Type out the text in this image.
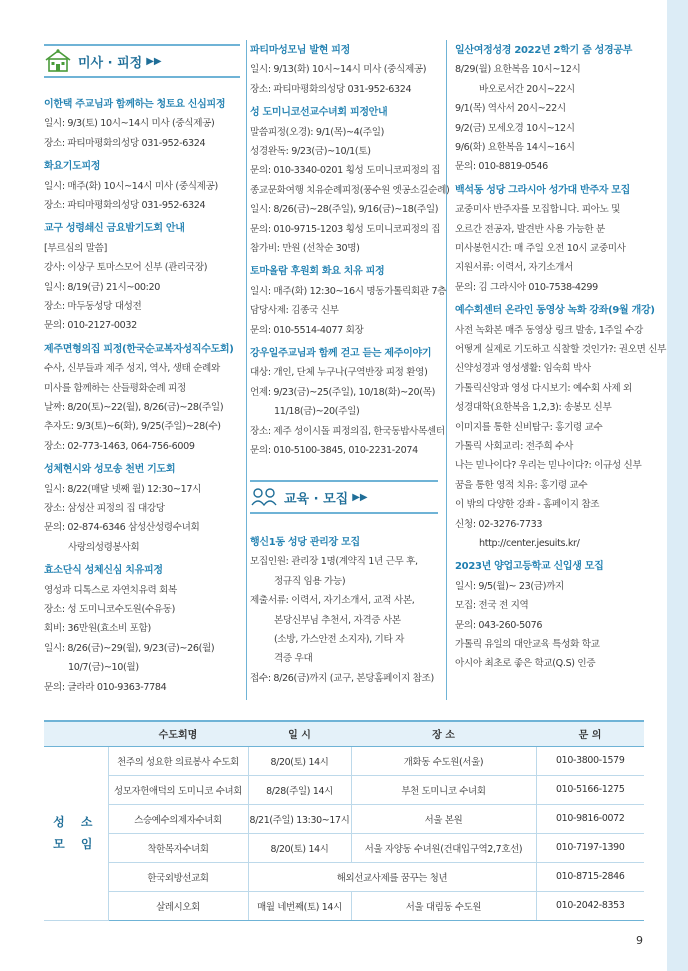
미사 · 피정 ▶▶
교육 · 모집 ▶▶
이한택 주교님과 함께하는 청토요 신심피정
일시: 9/3(토) 10시~14시 미사 (중식제공)
장소: 파티마평화의성당 031-952-6324
화요기도피정
일시: 매주(화) 10시~14시 미사 (중식제공)
장소: 파티마평화의성당 031-952-6324
교구 성령쇄신 금요밤기도회 안내
[부르심의 말씀]
강사: 이상구 토마스모어 신부 (관리국장)
일시: 8/19(금) 21시~00:20
장소: 마두동성당 대성전
문의: 010-2127-0032
제주면형의집 피정(한국순교복자성직수도회)
수사, 신부들과 제주 성지, 역사, 생태 순례와
미사를 함께하는 산들평화순례 피정
날짜: 8/20(토)~22(월), 8/26(금)~28(주일)
추자도: 9/3(토)~6(화), 9/25(주일)~28(수)
장소: 02-773-1463, 064-756-6009
성체현시와 성모송 천번 기도회
일시: 8/22(매달 넷째 월) 12:30~17시
장소: 삼성산 피정의 집 대강당
문의: 02-874-6346 삼성산성령수녀회
사랑의성령봉사회
효소단식 성체신심 치유피정
영성과 디톡스로 자연치유력 회복
장소: 성 도미니코수도원(수유동)
회비: 36만원(효소비 포함)
일시: 8/26(금)~29(월), 9/23(금)~26(월)
10/7(금)~10(월)
문의: 글라라 010-9363-7784
파티마성모님 발현 피정
일시: 9/13(화) 10시~14시 미사 (중식제공)
장소: 파티마평화의성당 031-952-6324
성 도미니코선교수녀회 피정안내
말씀피정(오경): 9/1(목)~4(주일)
성경완독: 9/23(금)~10/1(토)
문의: 010-3340-0201 횡성 도미니코피정의 집
종교문화여행 치유순례피정(풍수원 엣공소길순례)
일시: 8/26(금)~28(주일), 9/16(금)~18(주일)
문의: 010-9715-1203 횡성 도미니코피정의 집
참가비: 만원 (선착순 30명)
토마올람 후원회 화요 치유 피정
일시: 매주(화) 12:30~16시 명동가톨릭회관 7층
담당사제: 김종국 신부
문의: 010-5514-4077 회장
강우일주교님과 함께 걷고 듣는 제주이야기
대상: 개인, 단체 누구나(구역반장 피정 환영)
언제: 9/23(금)~25(주일), 10/18(화)~20(목)
11/18(금)~20(주일)
장소: 제주 성이시돌 피정의집, 한국동밥사목센터
문의: 010-5100-3845, 010-2231-2074
행신1동 성당 관리장 모집
모집인원: 관리장 1명(계약직 1년 근무 후,
정규직 임용 가능)
제출서류: 이력서, 자기소개서, 교적 사본,
본당신부님 추천서, 자격증 사본
(소방, 가스안전 소지자), 기타 자
격증 우대
접수: 8/26(금)까지 (교구, 본당홈페이지 참조)
일산여정성경 2022년 2학기 줌 성경공부
8/29(월) 요한복음 10시~12시
바오로서간 20시~22시
9/1(목) 역사서 20시~22시
9/2(금) 모세오경 10시~12시
9/6(화) 요한복음 14시~16시
문의: 010-8819-0546
백석동 성당 그라시아 성가대 반주자 모집
교중미사 반주자를 모집합니다. 피아노 및
오르간 전공자, 발견반 사용 가능한 분
미사봉헌시간: 매 주일 오전 10시 교중미사
지원서류: 이력서, 자기소개서
문의: 김 그라시아 010-7538-4299
예수회센터 온라인 동영상 녹화 강좌(9월 개강)
사전 녹화본 매주 동영상 링크 발송, 1주일 수강
어떻게 실제로 기도하고 식찰할 것인가?: 권오면 신부
신약성경과 영성생활: 임숙희 박사
가톨릭신앙과 영성 다시보기: 예수회 사제 외
성경대학(요한복음 1,2,3): 송봉모 신부
이미지를 통한 신비탐구: 홍기령 교수
가톨릭 사회교리: 전주희 수사
나는 믿나이다? 우리는 믿나이다?: 이규성 신부
꿈을 통한 영적 치유: 홍기령 교수
이 밖의 다양한 강좌 - 홈페이지 참조
신청: 02-3276-7733
http://center.jesuits.kr/
2023년 양업고등학교 신입생 모집
일시: 9/5(월)~ 23(금)까지
모집: 전국 전 지역
문의: 043-260-5076
가톨릭 유일의 대안교육 특성화 학교
아시아 최초로 좋은 학교(Q.S) 인증
	수도회명	일 시	장 소	문 의
성 소 모 임	천주의 성요한 의료봉사 수도회	8/20(토) 14시	개화동 수도원(서울)	010-3800-1579
	성모자헌애덕의 도미니코 수녀회	8/28(주일) 14시	부천 도미니코 수녀회	010-5166-1275
	스승예수의제자수녀회	8/21(주일) 13:30~17시	서울 본원	010-9816-0072
	착한목자수녀회	8/20(토) 14시	서울 자양동 수녀원(건대입구역2,7호선)	010-7197-1390
	한국외방선교회	해외선교사제를 꿈꾸는 청년		010-8715-2846
	살레시오회	매월 네번째(토) 14시	서울 대림동 수도원	010-2042-8353
9
